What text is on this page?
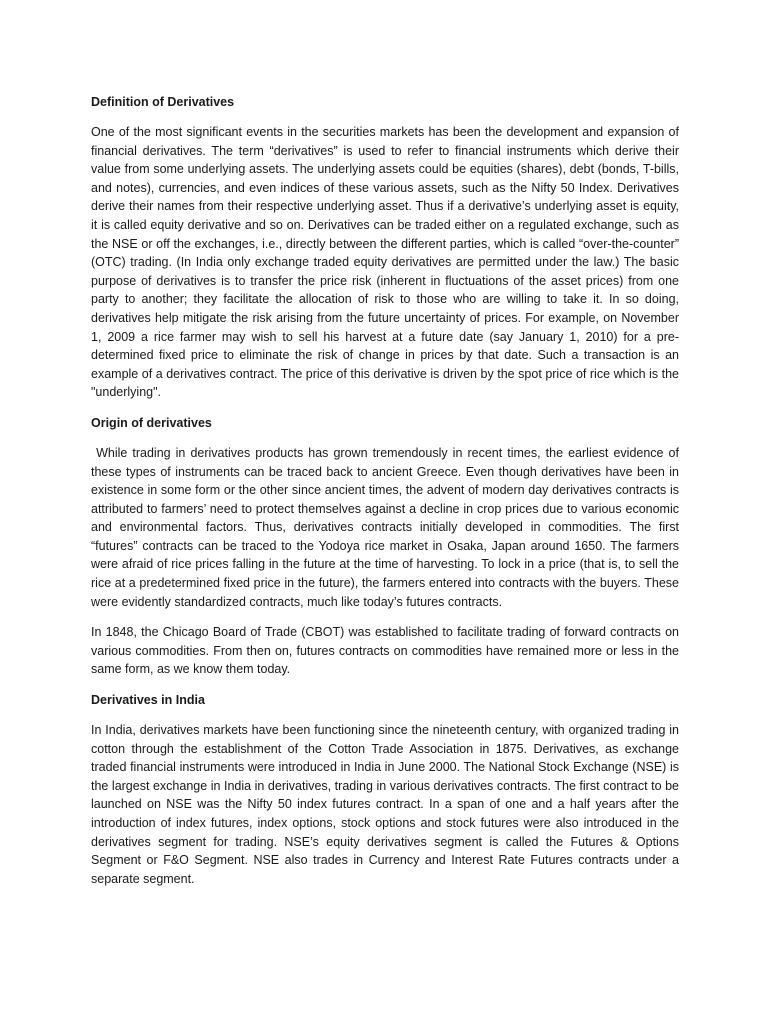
Definition of Derivatives

One of the most significant events in the securities markets has been the development and expansion of financial derivatives. The term “derivatives” is used to refer to financial instruments which derive their value from some underlying assets. The underlying assets could be equities (shares), debt (bonds, T-bills, and notes), currencies, and even indices of these various assets, such as the Nifty 50 Index. Derivatives derive their names from their respective underlying asset. Thus if a derivative’s underlying asset is equity, it is called equity derivative and so on. Derivatives can be traded either on a regulated exchange, such as the NSE or off the exchanges, i.e., directly between the different parties, which is called “over-the-counter” (OTC) trading. (In India only exchange traded equity derivatives are permitted under the law.) The basic purpose of derivatives is to transfer the price risk (inherent in fluctuations of the asset prices) from one party to another; they facilitate the allocation of risk to those who are willing to take it. In so doing, derivatives help mitigate the risk arising from the future uncertainty of prices. For example, on November 1, 2009 a rice farmer may wish to sell his harvest at a future date (say January 1, 2010) for a pre-determined fixed price to eliminate the risk of change in prices by that date. Such a transaction is an example of a derivatives contract. The price of this derivative is driven by the spot price of rice which is the "underlying".

Origin of derivatives

While trading in derivatives products has grown tremendously in recent times, the earliest evidence of these types of instruments can be traced back to ancient Greece. Even though derivatives have been in existence in some form or the other since ancient times, the advent of modern day derivatives contracts is attributed to farmers’ need to protect themselves against a decline in crop prices due to various economic and environmental factors. Thus, derivatives contracts initially developed in commodities. The first “futures” contracts can be traced to the Yodoya rice market in Osaka, Japan around 1650. The farmers were afraid of rice prices falling in the future at the time of harvesting. To lock in a price (that is, to sell the rice at a predetermined fixed price in the future), the farmers entered into contracts with the buyers. These were evidently standardized contracts, much like today’s futures contracts.

In 1848, the Chicago Board of Trade (CBOT) was established to facilitate trading of forward contracts on various commodities. From then on, futures contracts on commodities have remained more or less in the same form, as we know them today.

Derivatives in India

In India, derivatives markets have been functioning since the nineteenth century, with organized trading in cotton through the establishment of the Cotton Trade Association in 1875. Derivatives, as exchange traded financial instruments were introduced in India in June 2000. The National Stock Exchange (NSE) is the largest exchange in India in derivatives, trading in various derivatives contracts. The first contract to be launched on NSE was the Nifty 50 index futures contract. In a span of one and a half years after the introduction of index futures, index options, stock options and stock futures were also introduced in the derivatives segment for trading. NSE’s equity derivatives segment is called the Futures & Options Segment or F&O Segment. NSE also trades in Currency and Interest Rate Futures contracts under a separate segment.
